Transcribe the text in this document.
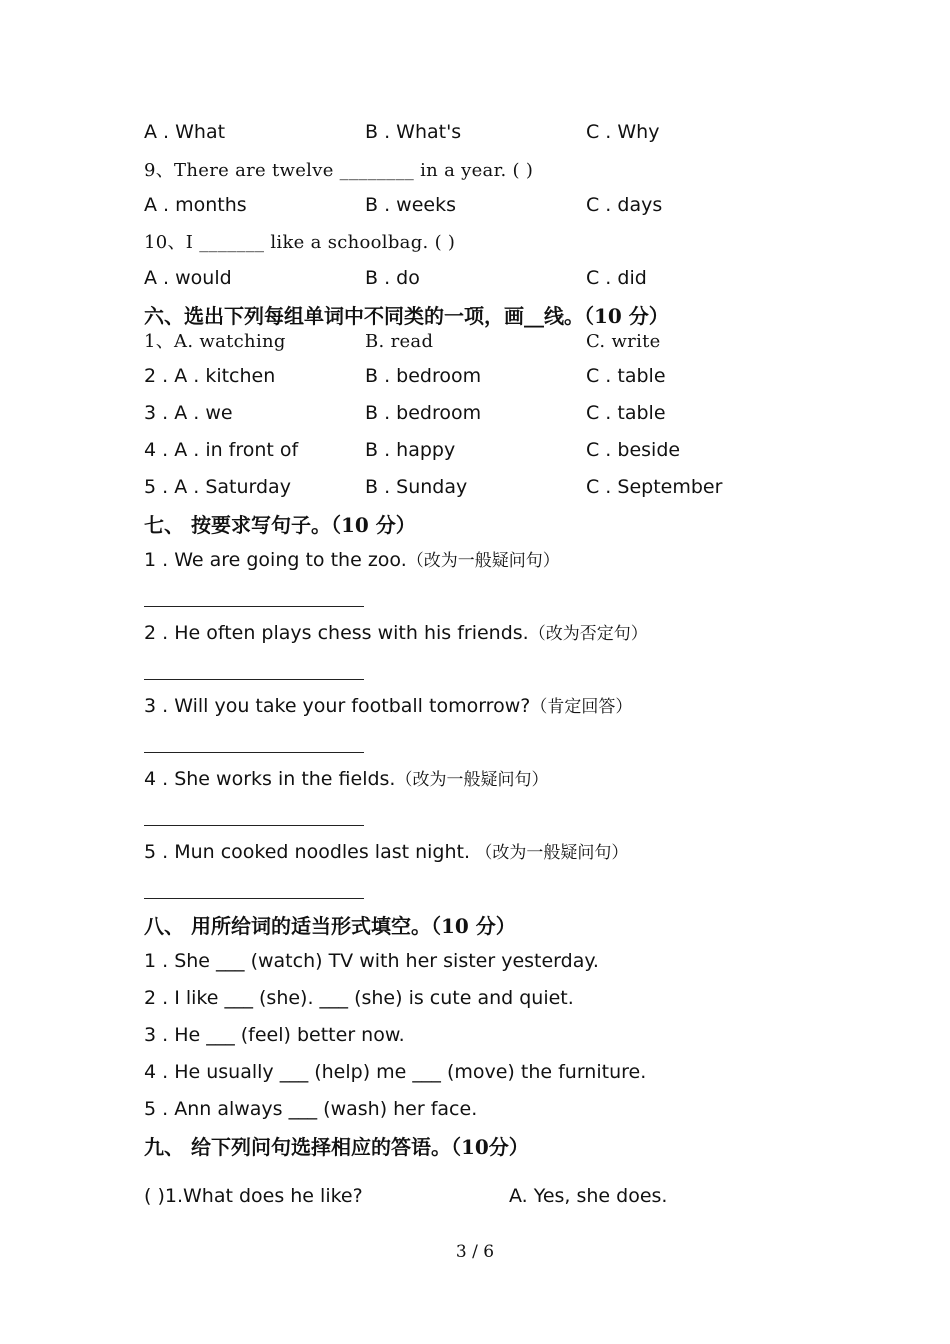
A . What	B . What's	C . Why
9、There are twelve ________ in a year. ( )
A . months	B . weeks	C . days
10、I _______ like a schoolbag. ( )
A . would	B . do	C . did
六、选出下列每组单词中不同类的一项，画__线。（10 分）
1、A. watching	B. read	C. write
2 . A . kitchen	B . bedroom	C . table
3 . A . we	B . bedroom	C . table
4 . A . in front of	B . happy	C . beside
5 . A . Saturday	B . Sunday	C . September
七、 按要求写句子。（10 分）
1 . We are going to the zoo.（改为一般疑问句）
2 . He often plays chess with his friends.（改为否定句）
3 . Will you take your football tomorrow?（肯定回答）
4 . She works in the fields.（改为一般疑问句）
5 . Mun cooked noodles last night. （改为一般疑问句）
八、 用所给词的适当形式填空。（10 分）
1 . She ___ (watch) TV with her sister yesterday.
2 . I like ___ (she). ___ (she) is cute and quiet.
3 . He ___ (feel) better now.
4 . He usually ___ (help) me ___ (move) the furniture.
5 . Ann always ___ (wash) her face.
九、 给下列问句选择相应的答语。（10分）
( )1.What does he like?	A. Yes, she does.
3 / 6
